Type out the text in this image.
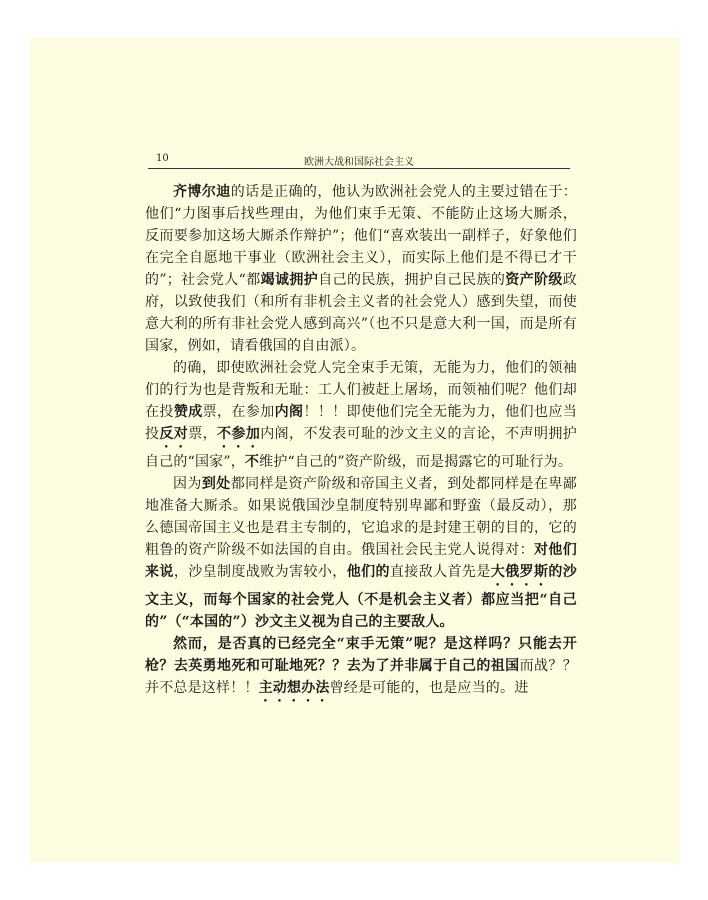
10	欧洲大战和国际社会主义

齐博尔迪的话是正确的，他认为欧洲社会党人的主要过错在于：他们“力图事后找些理由，为他们束手无策、不能防止这场大厮杀，反而要参加这场大厮杀作辩护”；他们“喜欢装出一副样子，好象他们在完全自愿地干事业（欧洲社会主义），而实际上他们是不得已才干的”；社会党人“都竭诚拥护自己的民族，拥护自己民族的资产阶级政府，以致使我们（和所有非机会主义者的社会党人）感到失望，而使意大利的所有非社会党人感到高兴”（也不只是意大利一国，而是所有国家，例如，请看俄国的自由派）。

的确，即使欧洲社会党人完全束手无策，无能为力，他们的领袖们的行为也是背叛和无耻：工人们被赶上屠场，而领袖们呢？他们却在投赞成票，在参加内阁！！！即使他们完全无能为力，他们也应当投反对票，不参加内阁，不发表可耻的沙文主义的言论，不声明拥护自己的“国家”，不维护“自己的”资产阶级，而是揭露它的可耻行为。

因为到处都同样是资产阶级和帝国主义者，到处都同样是在卑鄙地准备大厮杀。如果说俄国沙皇制度特别卑鄙和野蛮（最反动），那么德国帝国主义也是君主专制的，它追求的是封建王朝的目的，它的粗鲁的资产阶级不如法国的自由。俄国社会民主党人说得对：对他们来说，沙皇制度战败为害较小，他们的直接敌人首先是大俄罗斯的沙文主义，而每个国家的社会党人（不是机会主义者）都应当把“自己的”（“本国的”）沙文主义视为自己的主要敌人。

然而，是否真的已经完全“束手无策”呢？是这样吗？只能去开枪？去英勇地死和可耻地死？？去为了并非属于自己的祖国而战？？并不总是这样！！主动想办法曾经是可能的，也是应当的。进
